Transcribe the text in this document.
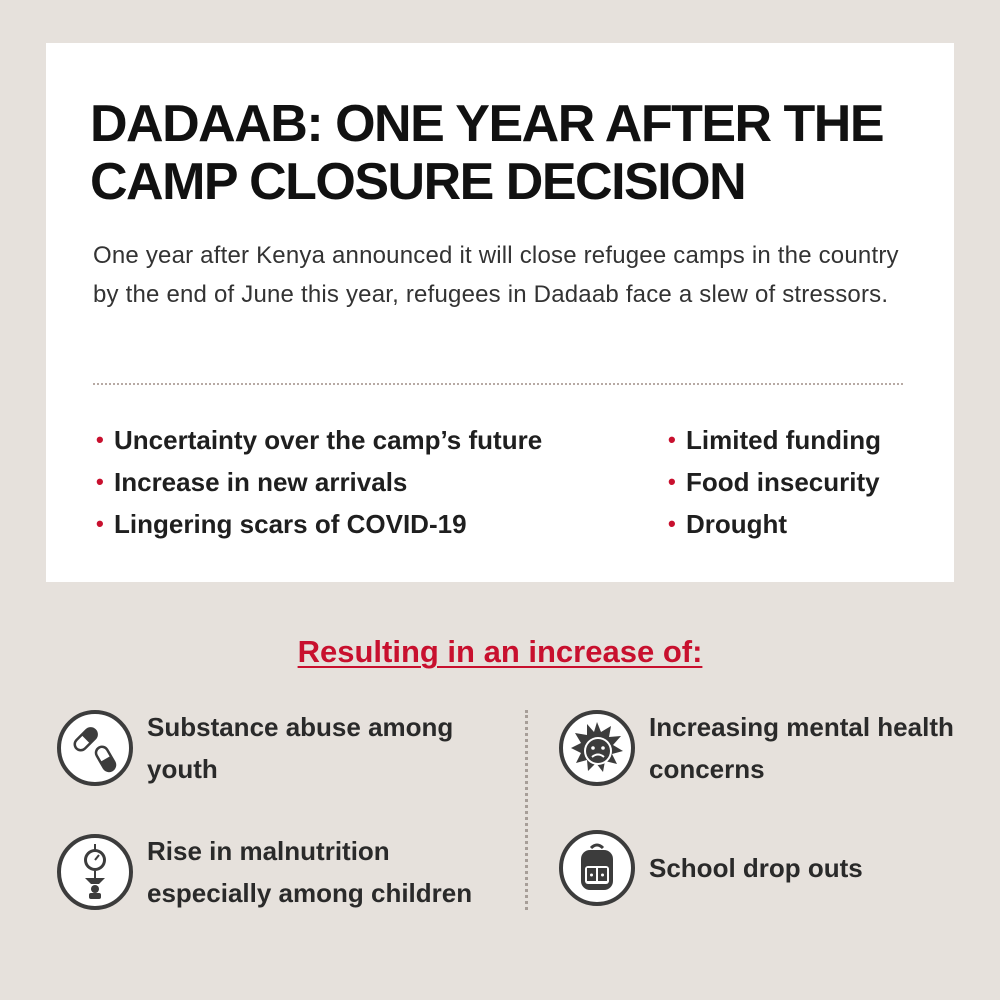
DADAAB: ONE YEAR AFTER THE CAMP CLOSURE DECISION

One year after Kenya announced it will close refugee camps in the country by the end of June this year, refugees in Dadaab face a slew of stressors.

• Uncertainty over the camp’s future
• Increase in new arrivals
• Lingering scars of COVID-19
• Limited funding
• Food insecurity
• Drought
Resulting in an increase of:
Substance abuse among youth
Increasing mental health concerns
Rise in malnutrition especially among children
School drop outs
